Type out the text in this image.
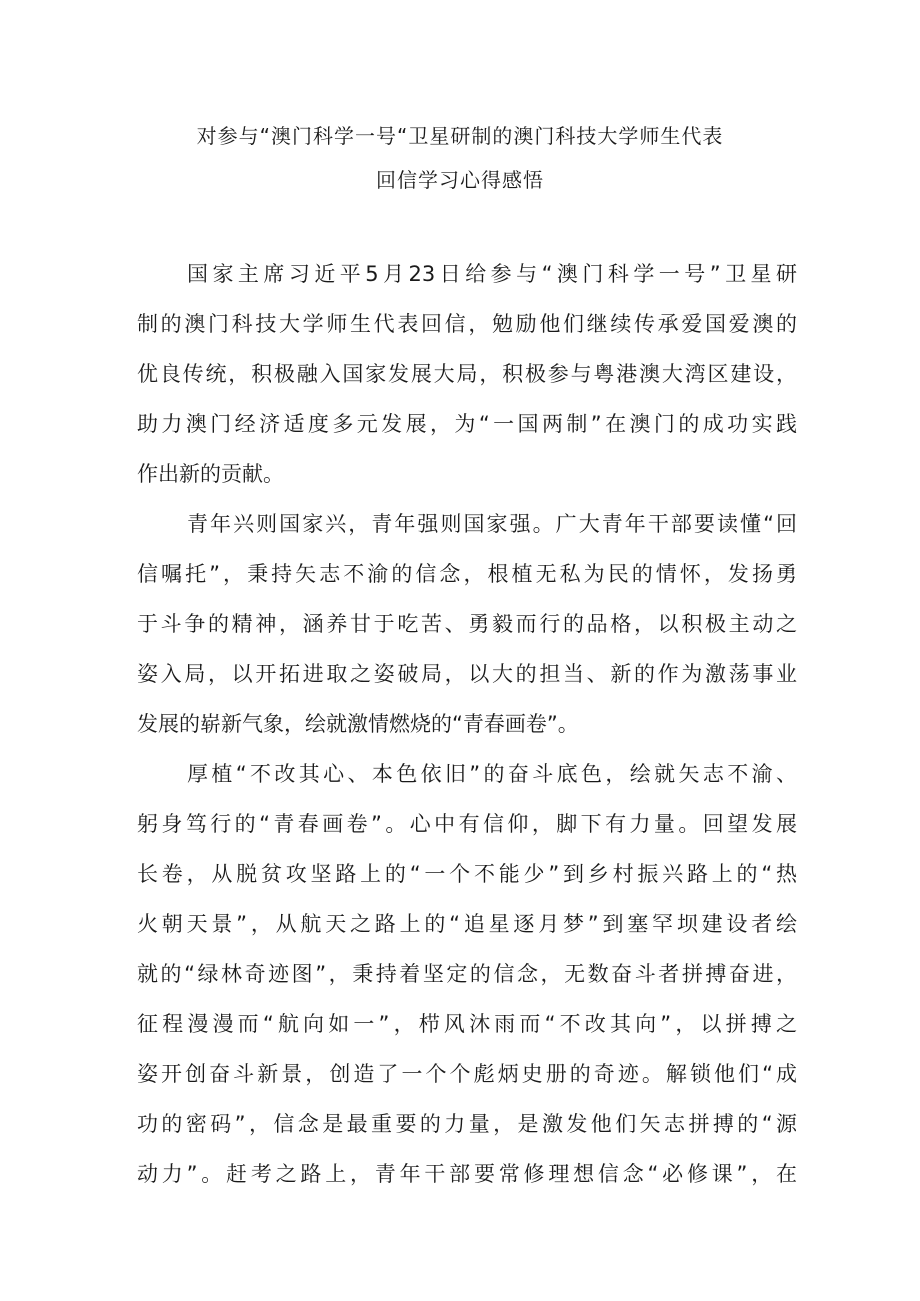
对参与“澳门科学一号“卫星研制的澳门科技大学师生代表
回信学习心得感悟
国家主席习近平5月23日给参与“澳门科学一号”卫星研
制的澳门科技大学师生代表回信，勉励他们继续传承爱国爱澳的
优良传统，积极融入国家发展大局，积极参与粤港澳大湾区建设，
助力澳门经济适度多元发展，为“一国两制”在澳门的成功实践
作出新的贡献。
青年兴则国家兴，青年强则国家强。广大青年干部要读懂“回
信嘱托”，秉持矢志不渝的信念，根植无私为民的情怀，发扬勇
于斗争的精神，涵养甘于吃苦、勇毅而行的品格，以积极主动之
姿入局，以开拓进取之姿破局，以大的担当、新的作为激荡事业
发展的崭新气象，绘就激情燃烧的“青春画卷”。
厚植“不改其心、本色依旧”的奋斗底色，绘就矢志不渝、
躬身笃行的“青春画卷”。心中有信仰，脚下有力量。回望发展
长卷，从脱贫攻坚路上的“一个不能少”到乡村振兴路上的“热
火朝天景”，从航天之路上的“追星逐月梦”到塞罕坝建设者绘
就的“绿林奇迹图”，秉持着坚定的信念，无数奋斗者拼搏奋进，
征程漫漫而“航向如一”，栉风沐雨而“不改其向”，以拼搏之
姿开创奋斗新景，创造了一个个彪炳史册的奇迹。解锁他们“成
功的密码”，信念是最重要的力量，是激发他们矢志拼搏的“源
动力”。赶考之路上，青年干部要常修理想信念“必修课”，在
